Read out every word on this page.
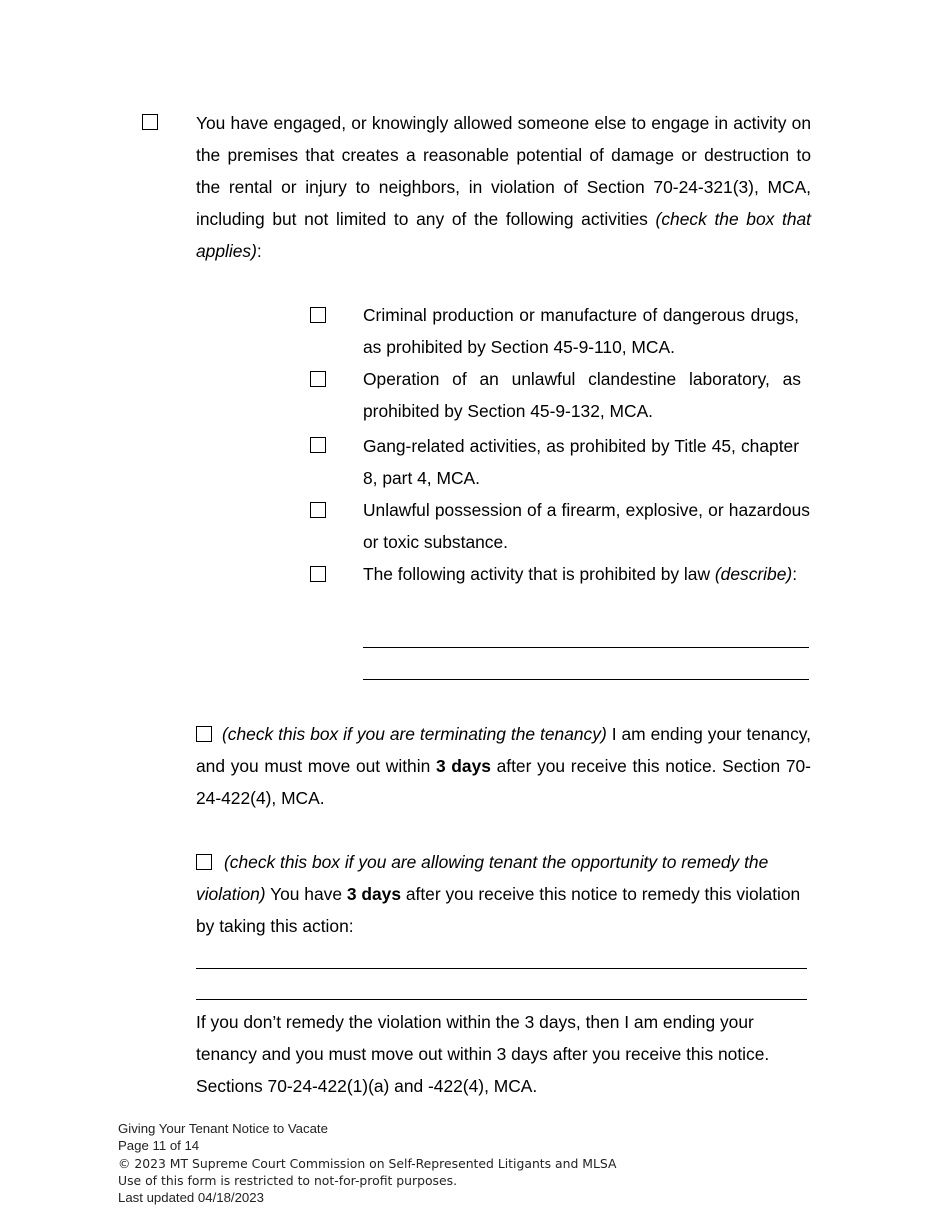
You have engaged, or knowingly allowed someone else to engage in activity on the premises that creates a reasonable potential of damage or destruction to the rental or injury to neighbors, in violation of Section 70-24-321(3), MCA, including but not limited to any of the following activities (check the box that applies):

Criminal production or manufacture of dangerous drugs, as prohibited by Section 45-9-110, MCA.

Operation of an unlawful clandestine laboratory, as prohibited by Section 45-9-132, MCA.

Gang-related activities, as prohibited by Title 45, chapter 8, part 4, MCA.

Unlawful possession of a firearm, explosive, or hazardous or toxic substance.

The following activity that is prohibited by law (describe):

(check this box if you are terminating the tenancy) I am ending your tenancy, and you must move out within 3 days after you receive this notice. Section 70-24-422(4), MCA.

(check this box if you are allowing tenant the opportunity to remedy the violation) You have 3 days after you receive this notice to remedy this violation by taking this action:

If you don’t remedy the violation within the 3 days, then I am ending your tenancy and you must move out within 3 days after you receive this notice. Sections 70-24-422(1)(a) and -422(4), MCA.

Giving Your Tenant Notice to Vacate
Page 11 of 14
© 2023 MT Supreme Court Commission on Self-Represented Litigants and MLSA
Use of this form is restricted to not-for-profit purposes.
Last updated 04/18/2023
